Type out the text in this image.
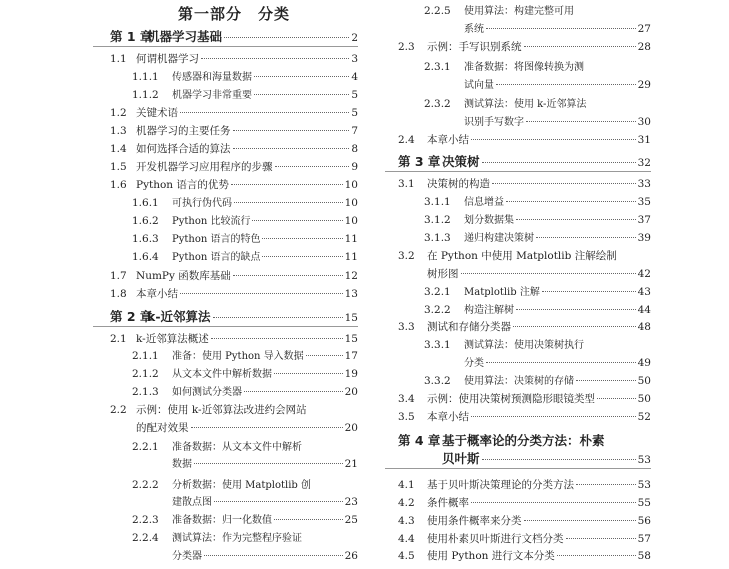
第一部分　分类
第 1 章
机器学习基础	2
1.1 何谓机器学习	3
1.1.1	传感器和海量数据	4
1.1.2	机器学习非常重要	5
1.2 关键术语	5
1.3 机器学习的主要任务	7
1.4 如何选择合适的算法	8
1.5 开发机器学习应用程序的步骤	9
1.6 Python 语言的优势	10
1.6.1	可执行伪代码	10
1.6.2	Python 比较流行	10
1.6.3	Python 语言的特色	11
1.6.4	Python 语言的缺点	11
1.7 NumPy 函数库基础	12
1.8 本章小结	13
第 2 章
k-近邻算法	15
2.1 k-近邻算法概述	15
2.1.1	准备：使用 Python 导入数据	17
2.1.2	从文本文件中解析数据	19
2.1.3	如何测试分类器	20
2.2 示例：使用 k-近邻算法改进约会网站
的配对效果	20
2.2.1	准备数据：从文本文件中解析
数据	21
2.2.2	分析数据：使用 Matplotlib 创
建散点图	23
2.2.3	准备数据：归一化数值	25
2.2.4	测试算法：作为完整程序验证
分类器	26
2.2.5	使用算法：构建完整可用
系统	27
2.3	示例：手写识别系统	28
2.3.1	准备数据：将图像转换为测
试向量	29
2.3.2	测试算法：使用 k-近邻算法
识别手写数字	30
2.4	本章小结	31
第 3 章 决策树	32
3.1	决策树的构造	33
3.1.1	信息增益	35
3.1.2	划分数据集	37
3.1.3	递归构建决策树	39
3.2	在 Python 中使用 Matplotlib 注解绘制
树形图	42
3.2.1	Matplotlib 注解	43
3.2.2	构造注解树	44
3.3	测试和存储分类器	48
3.3.1	测试算法：使用决策树执行
分类	49
3.3.2	使用算法：决策树的存储	50
3.4	示例：使用决策树预测隐形眼镜类型	50
3.5	本章小结	52
第 4 章 基于概率论的分类方法：朴素
贝叶斯	53
4.1	基于贝叶斯决策理论的分类方法	53
4.2	条件概率	55
4.3	使用条件概率来分类	56
4.4	使用朴素贝叶斯进行文档分类	57
4.5	使用 Python 进行文本分类	58
